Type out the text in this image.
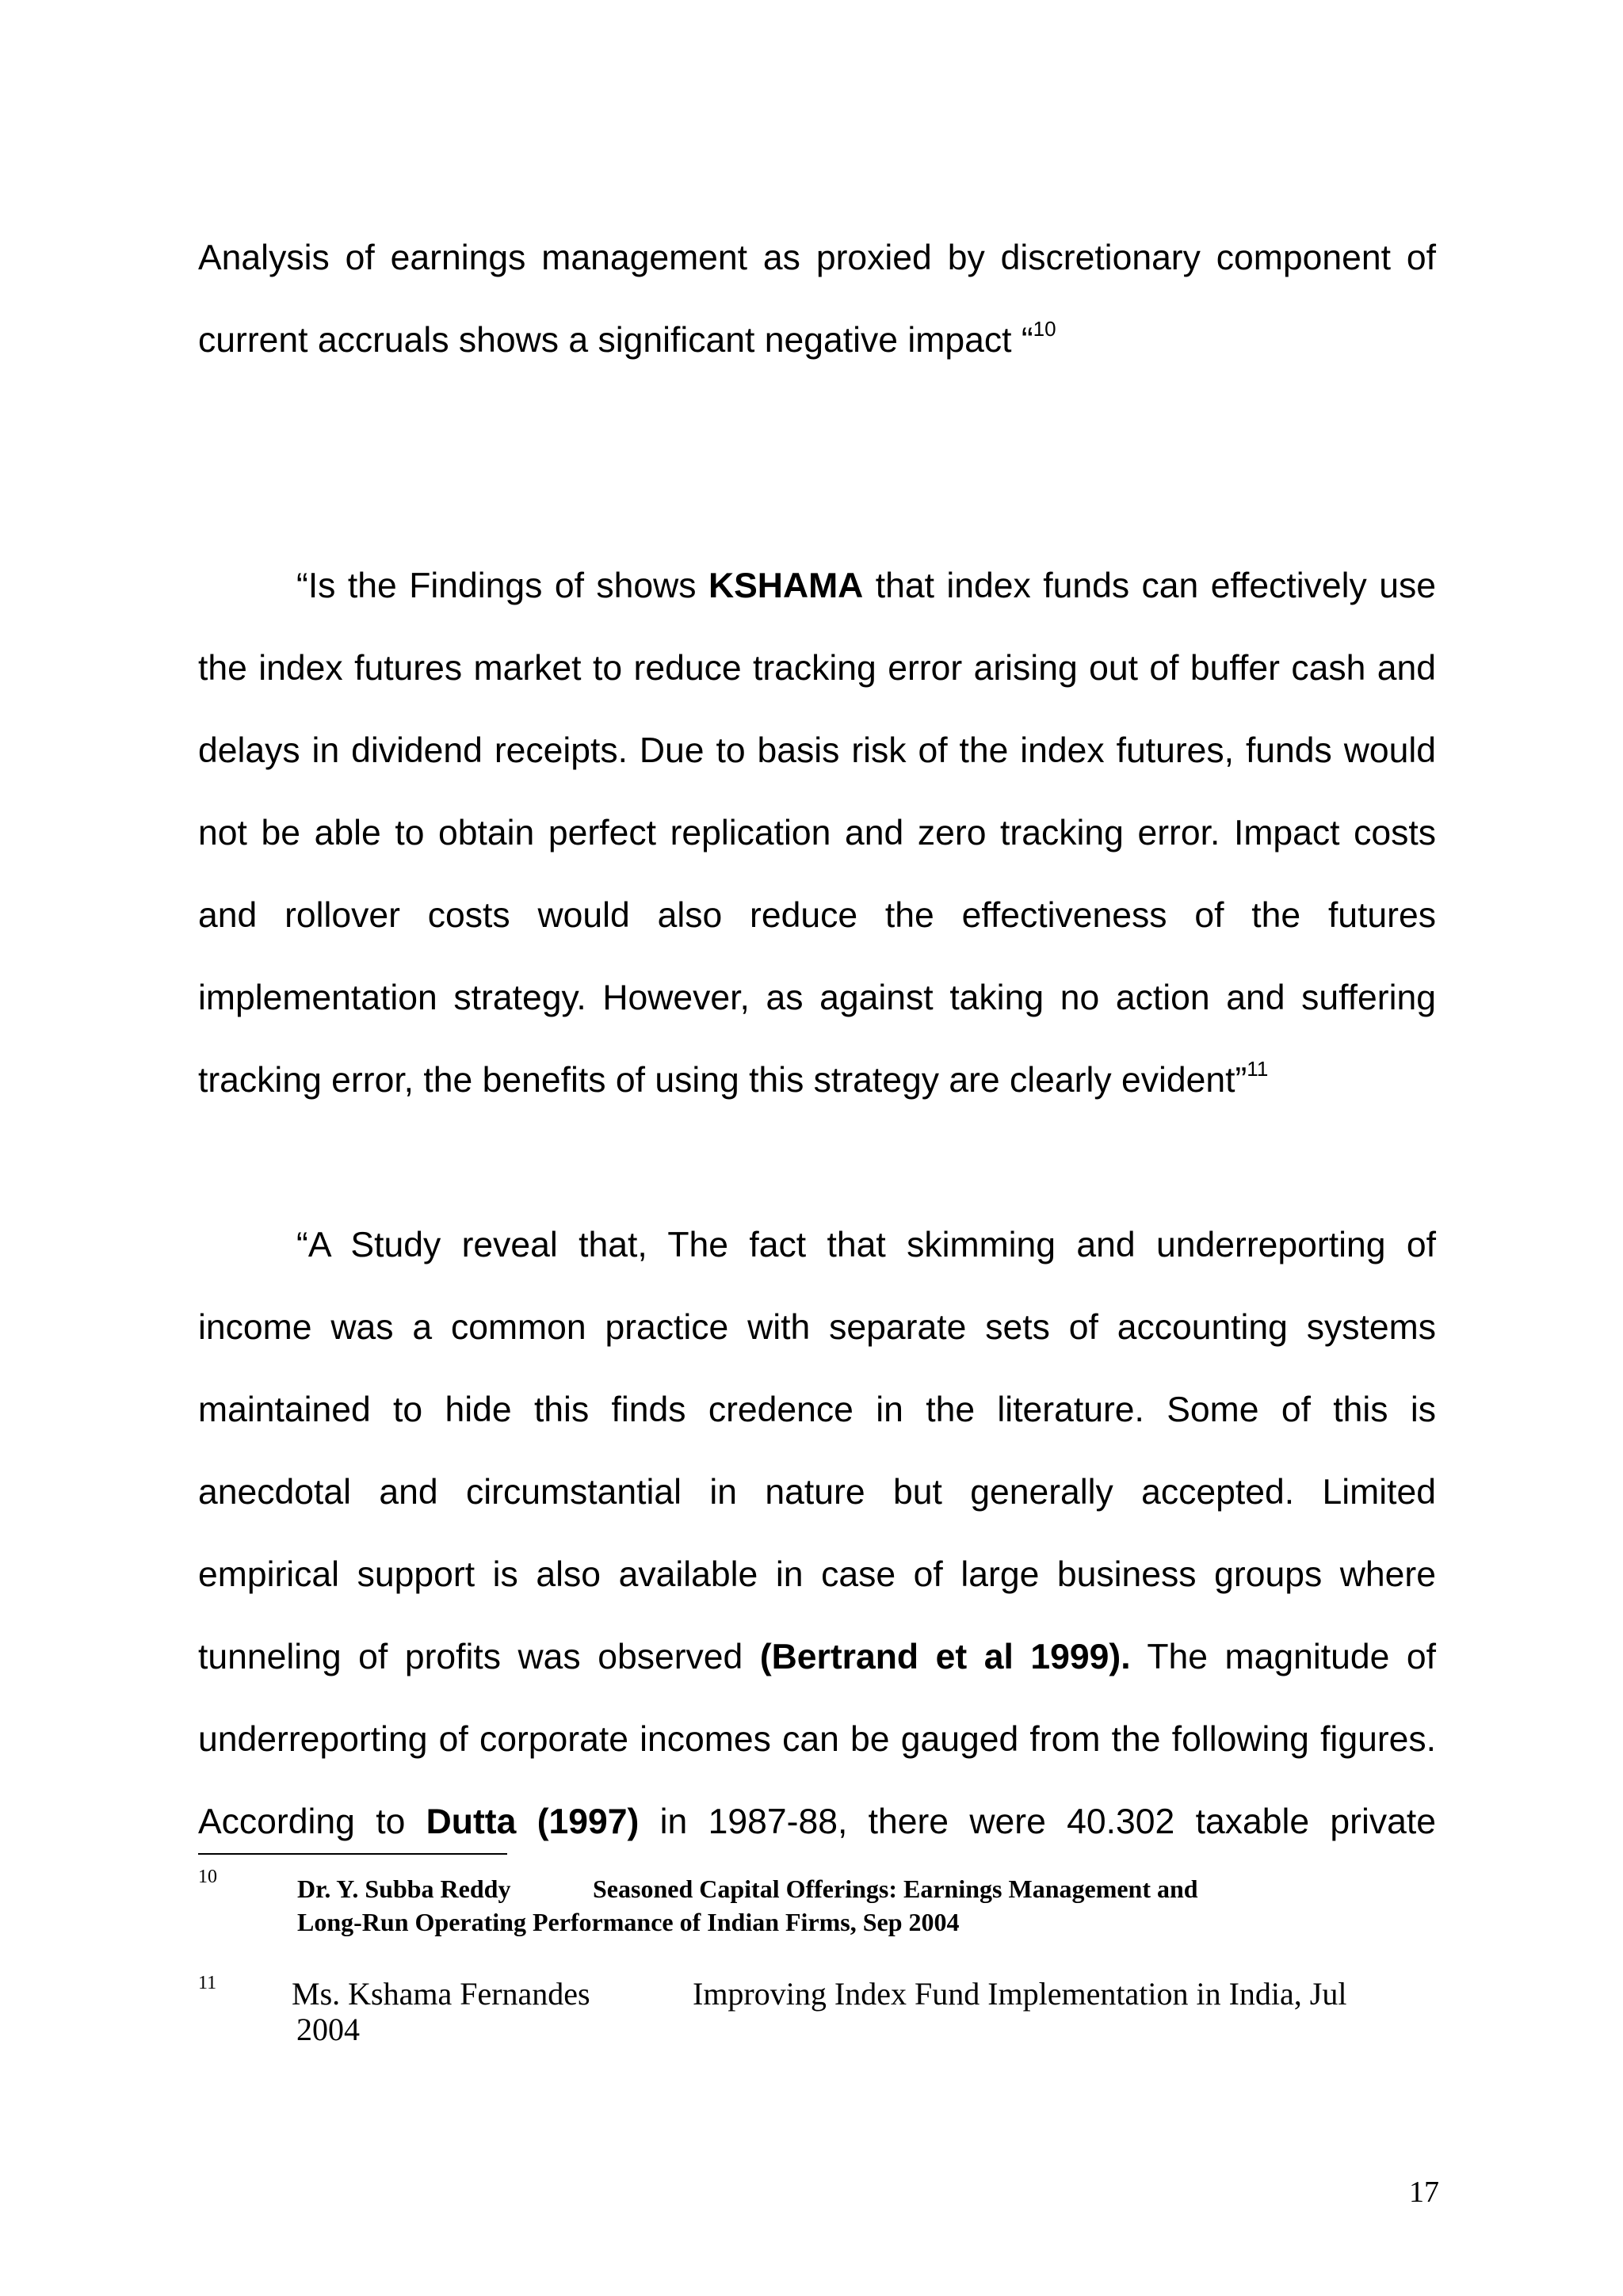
Analysis of earnings management as proxied by discretionary component of
current accruals shows a significant negative impact “$^{10}$
“Is the Findings of shows KSHAMA that index funds can effectively use
the index futures market to reduce tracking error arising out of buffer cash and
delays in dividend receipts. Due to basis risk of the index futures, funds would
not be able to obtain perfect replication and zero tracking error. Impact costs
and rollover costs would also reduce the effectiveness of the futures
implementation strategy. However, as against taking no action and suffering
tracking error, the benefits of using this strategy are clearly evident”$^{11}$
“A Study reveal that, The fact that skimming and underreporting of
income was a common practice with separate sets of accounting systems
maintained to hide this finds credence in the literature. Some of this is
anecdotal and circumstantial in nature but generally accepted. Limited
empirical support is also available in case of large business groups where
tunneling of profits was observed (Bertrand et al 1999). The magnitude of
underreporting of corporate incomes can be gauged from the following figures.
According to Dutta (1997) in 1987-88, there were 40.302 taxable private
10	Dr. Y. Subba Reddy	Seasoned Capital Offerings: Earnings Management and
Long-Run Operating Performance of Indian Firms, Sep 2004
11 Ms. Kshama Fernandes	Improving Index Fund Implementation in India, Jul
2004
17
